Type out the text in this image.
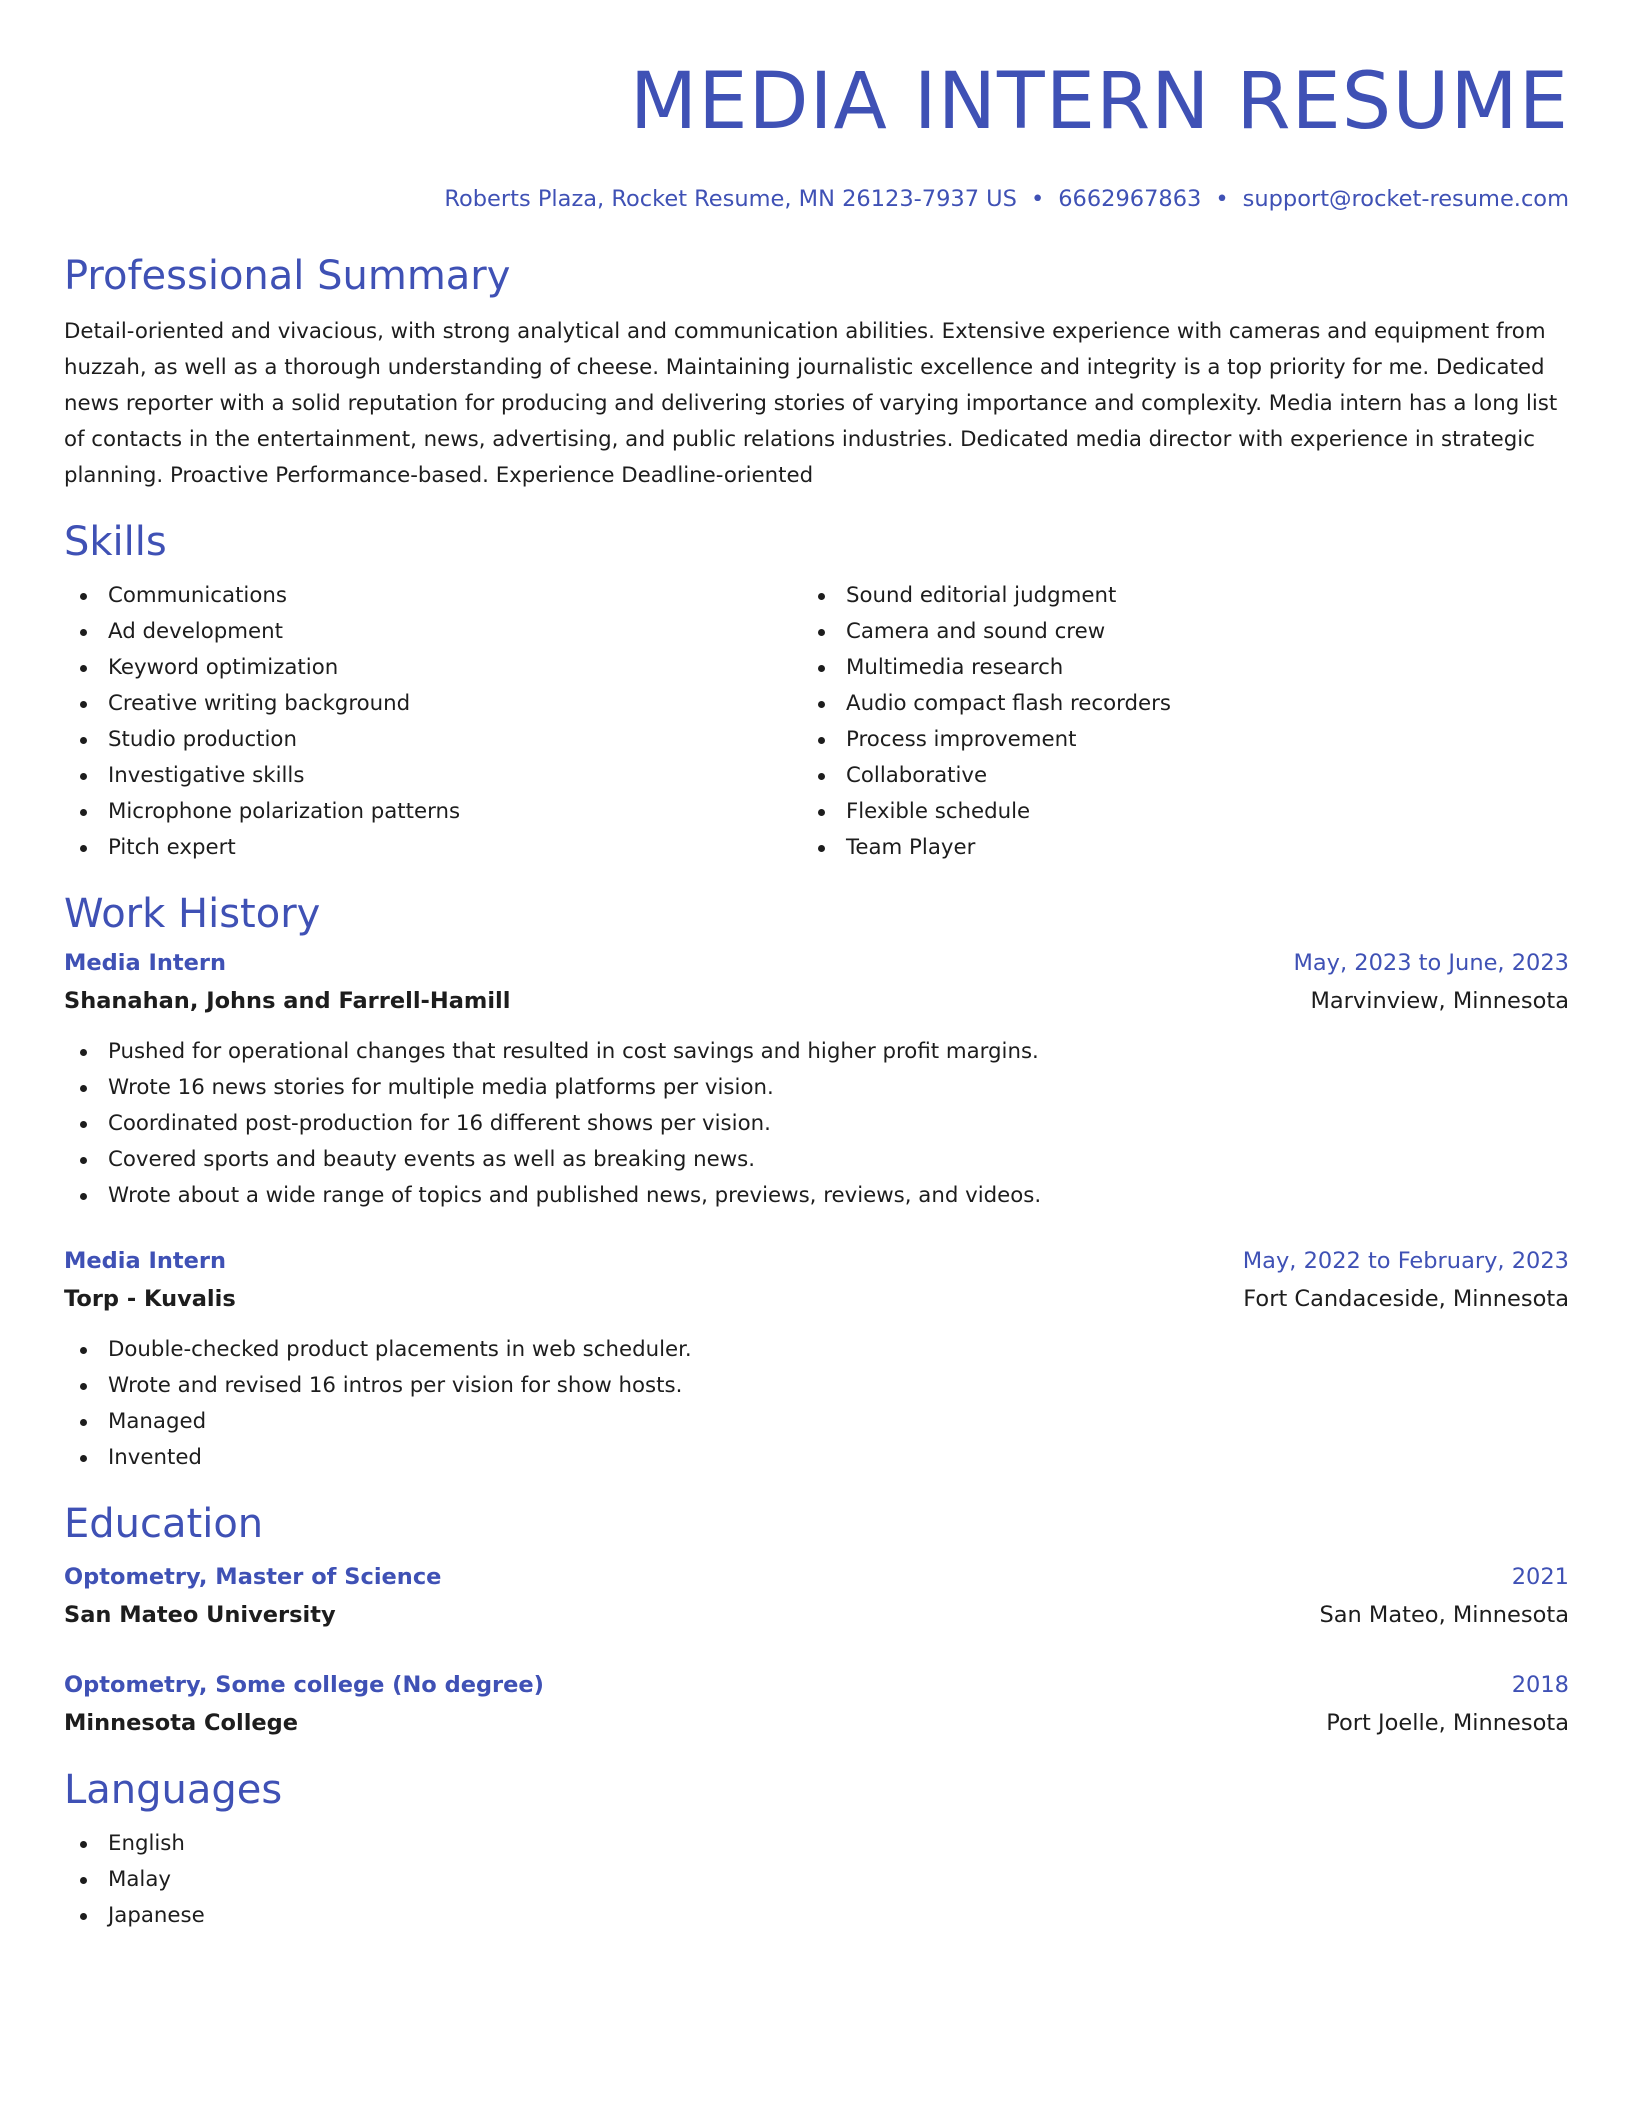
MEDIA INTERN RESUME
Roberts Plaza, Rocket Resume, MN 26123-7937 US • 6662967863 • support@rocket-resume.com
Professional Summary
Detail-oriented and vivacious, with strong analytical and communication abilities. Extensive experience with cameras and equipment from huzzah, as well as a thorough understanding of cheese. Maintaining journalistic excellence and integrity is a top priority for me. Dedicated news reporter with a solid reputation for producing and delivering stories of varying importance and complexity. Media intern has a long list of contacts in the entertainment, news, advertising, and public relations industries. Dedicated media director with experience in strategic planning. Proactive Performance-based. Experience Deadline-oriented
Skills
Communications
Ad development
Keyword optimization
Creative writing background
Studio production
Investigative skills
Microphone polarization patterns
Pitch expert
Sound editorial judgment
Camera and sound crew
Multimedia research
Audio compact flash recorders
Process improvement
Collaborative
Flexible schedule
Team Player
Work History
Media Intern	May, 2023 to June, 2023
Shanahan, Johns and Farrell-Hamill	Marvinview, Minnesota
Pushed for operational changes that resulted in cost savings and higher profit margins.
Wrote 16 news stories for multiple media platforms per vision.
Coordinated post-production for 16 different shows per vision.
Covered sports and beauty events as well as breaking news.
Wrote about a wide range of topics and published news, previews, reviews, and videos.
Media Intern	May, 2022 to February, 2023
Torp - Kuvalis	Fort Candaceside, Minnesota
Double-checked product placements in web scheduler.
Wrote and revised 16 intros per vision for show hosts.
Managed
Invented
Education
Optometry, Master of Science	2021
San Mateo University	San Mateo, Minnesota
Optometry, Some college (No degree)	2018
Minnesota College	Port Joelle, Minnesota
Languages
English
Malay
Japanese
